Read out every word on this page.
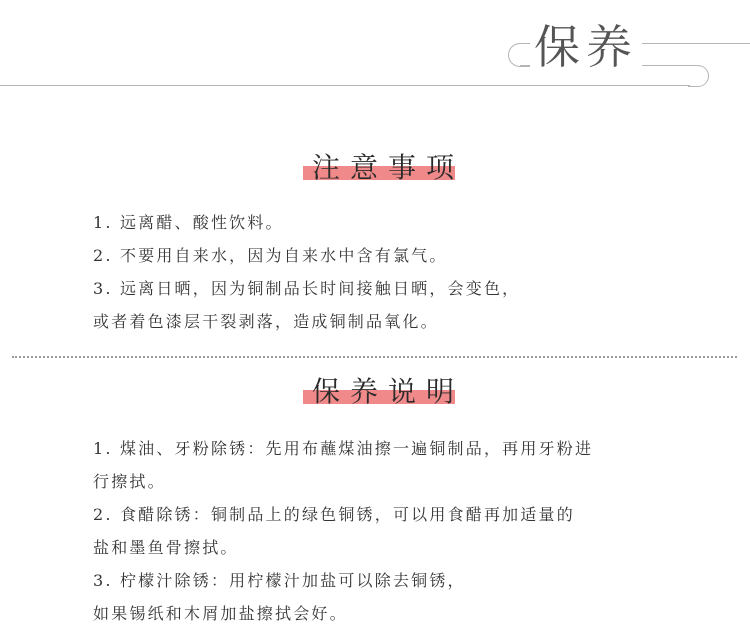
保养
注意事项

1. 远离醋、酸性饮料。

2. 不要用自来水，因为自来水中含有氯气。

3. 远离日晒，因为铜制品长时间接触日晒，会变色，

或者着色漆层干裂剥落，造成铜制品氧化。

保养说明

1. 煤油、牙粉除锈：先用布蘸煤油擦一遍铜制品，再用牙粉进

行擦拭。

2. 食醋除锈：铜制品上的绿色铜锈，可以用食醋再加适量的

盐和墨鱼骨擦拭。

3. 柠檬汁除锈：用柠檬汁加盐可以除去铜锈，

如果锡纸和木屑加盐擦拭会好。
